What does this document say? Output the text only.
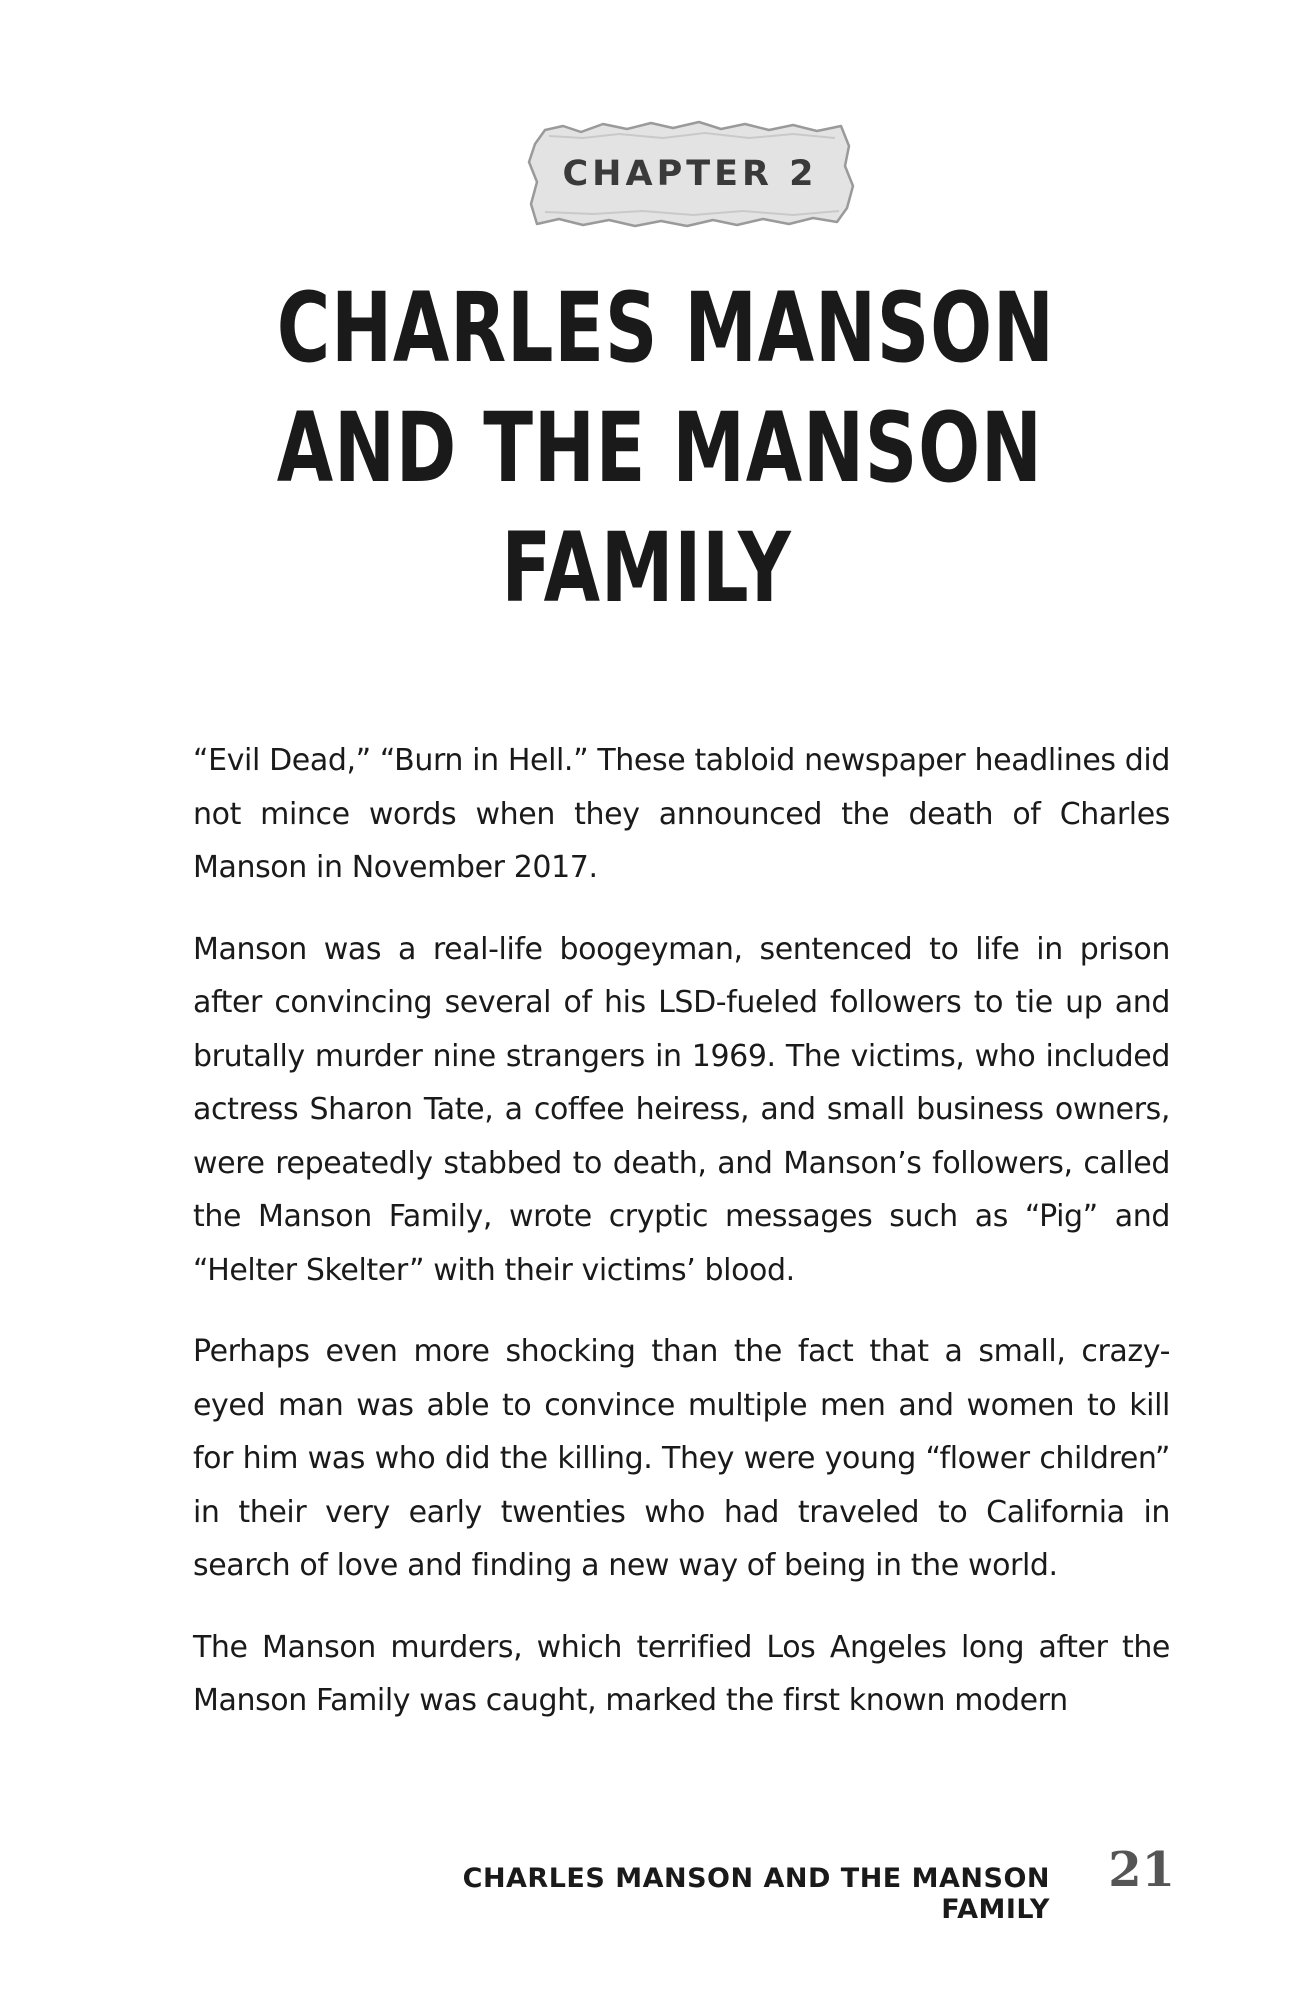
CHAPTER 2
CHARLES MANSON
AND THE MANSON
FAMILY

“Evil Dead,” “Burn in Hell.” These tabloid newspaper headlines did not mince words when they announced the death of Charles Manson in November 2017.

Manson was a real-life boogeyman, sentenced to life in prison after convincing several of his LSD-fueled followers to tie up and brutally murder nine strangers in 1969. The victims, who included actress Sharon Tate, a coffee heiress, and small business owners, were repeatedly stabbed to death, and Manson’s followers, called the Manson Family, wrote cryptic messages such as “Pig” and “Helter Skelter” with their victims’ blood.

Perhaps even more shocking than the fact that a small, crazy-eyed man was able to convince multiple men and women to kill for him was who did the killing. They were young “flower children” in their very early twenties who had traveled to California in search of love and finding a new way of being in the world.

The Manson murders, which terrified Los Angeles long after the Manson Family was caught, marked the first known modern

CHARLES MANSON AND THE MANSON FAMILY
21
